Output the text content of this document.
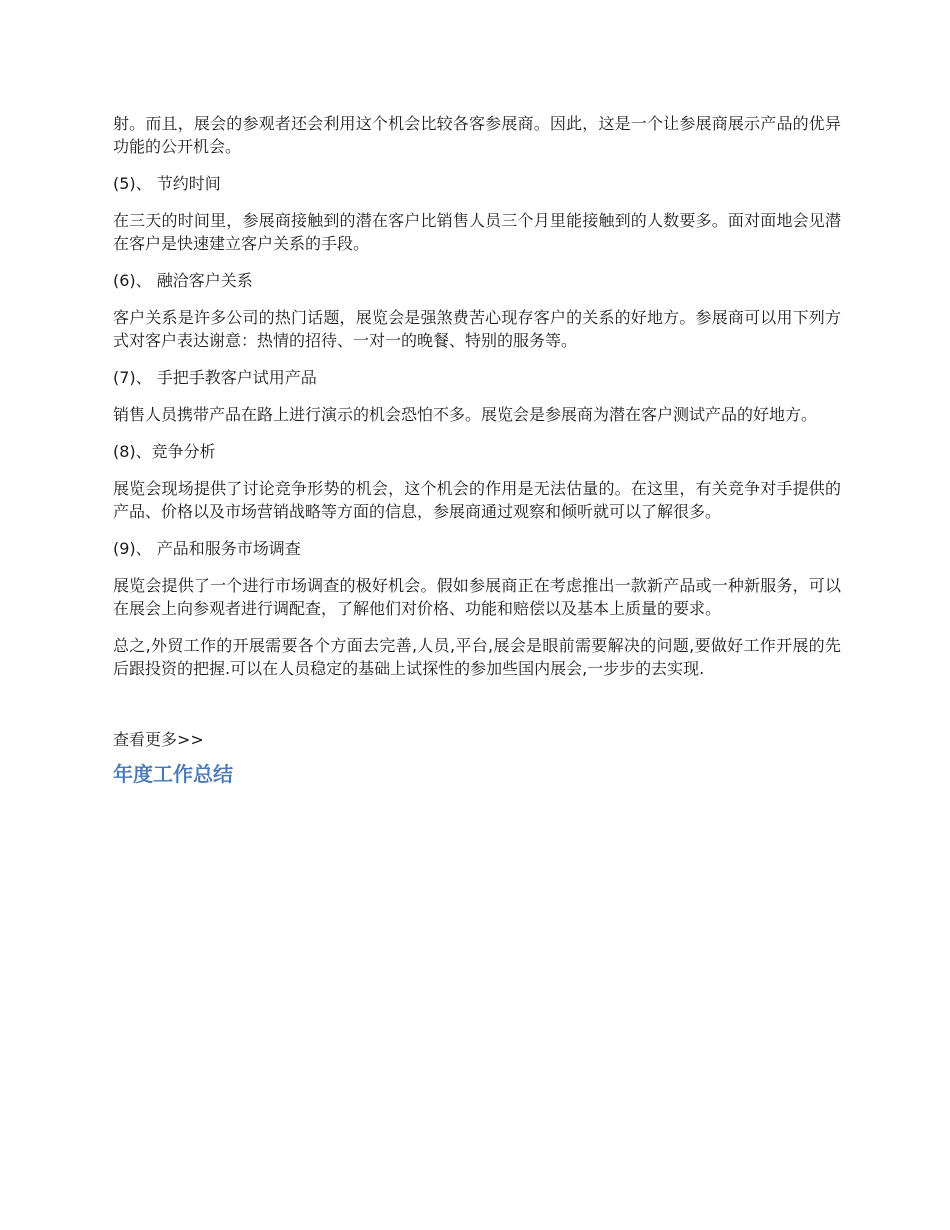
射。而且，展会的参观者还会利用这个机会比较各客参展商。因此，这是一个让参展商展示产品的优异功能的公开机会。

(5)、 节约时间

在三天的时间里，参展商接触到的潜在客户比销售人员三个月里能接触到的人数要多。面对面地会见潜在客户是快速建立客户关系的手段。

(6)、 融洽客户关系

客户关系是许多公司的热门话题，展览会是强煞费苦心现存客户的关系的好地方。参展商可以用下列方式对客户表达谢意：热情的招待、一对一的晚餐、特别的服务等。

(7)、 手把手教客户试用产品

销售人员携带产品在路上进行演示的机会恐怕不多。展览会是参展商为潜在客户测试产品的好地方。

(8)、竞争分析

展览会现场提供了讨论竞争形势的机会，这个机会的作用是无法估量的。在这里，有关竞争对手提供的产品、价格以及市场营销战略等方面的信息，参展商通过观察和倾听就可以了解很多。

(9)、 产品和服务市场调查

展览会提供了一个进行市场调查的极好机会。假如参展商正在考虑推出一款新产品或一种新服务，可以在展会上向参观者进行调配查，了解他们对价格、功能和赔偿以及基本上质量的要求。

总之,外贸工作的开展需要各个方面去完善,人员,平台,展会是眼前需要解决的问题,要做好工作开展的先后跟投资的把握.可以在人员稳定的基础上试探性的参加些国内展会,一步步的去实现.

查看更多>>
年度工作总结
